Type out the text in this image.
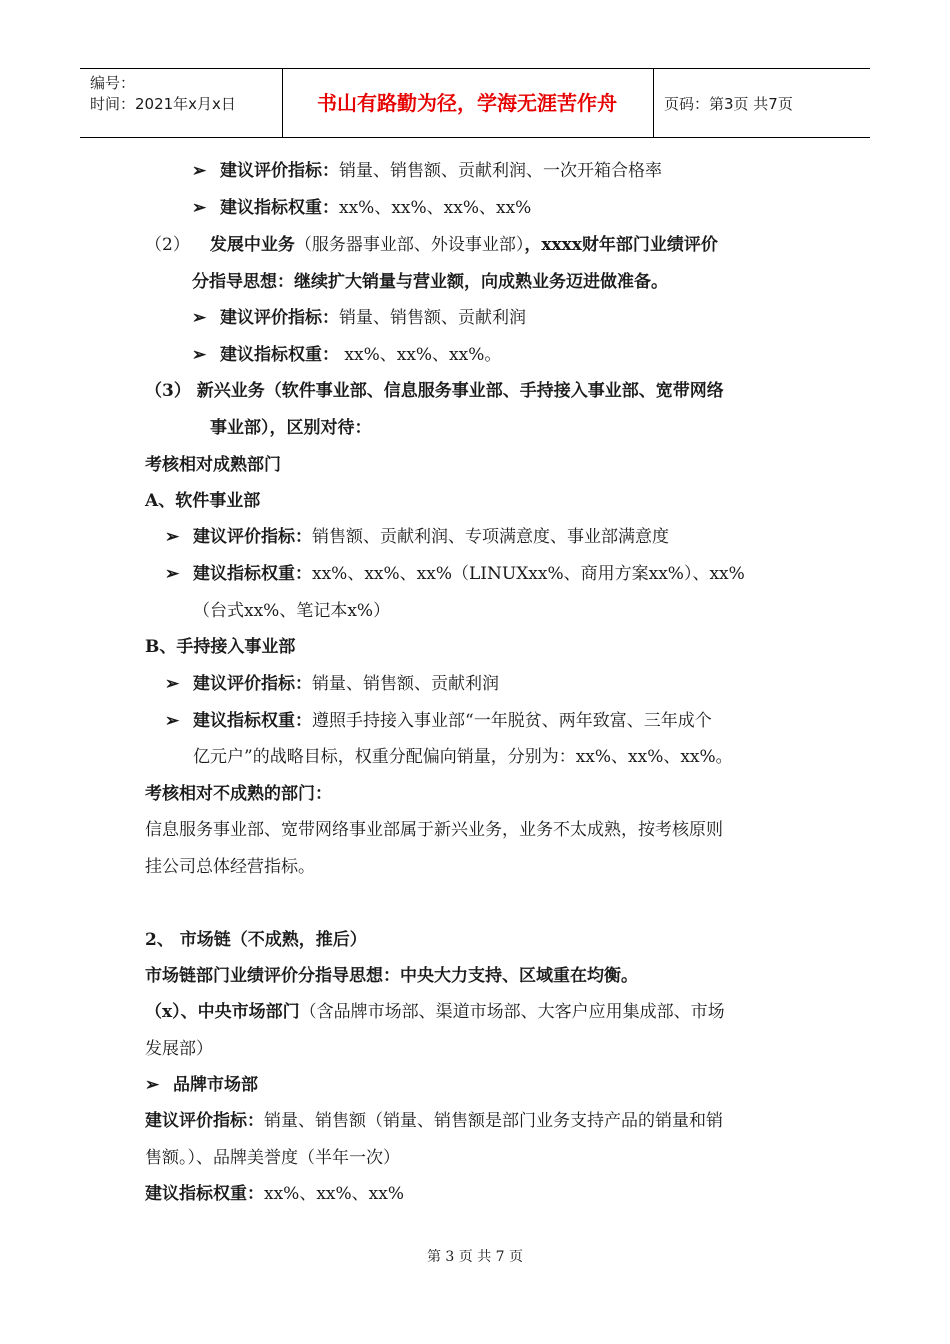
编号：
时间：2021年x月x日	书山有路勤为径，学海无涯苦作舟	页码：第3页 共7页
➢ 建议评价指标：销量、销售额、贡献利润、一次开箱合格率
➢ 建议指标权重：xx%、xx%、xx%、xx%
（2） 发展中业务（服务器事业部、外设事业部），xxxx财年部门业绩评价
分指导思想：继续扩大销量与营业额，向成熟业务迈进做准备。
➢ 建议评价指标：销量、销售额、贡献利润
➢ 建议指标权重： xx%、xx%、xx%。
（3） 新兴业务（软件事业部、信息服务事业部、手持接入事业部、宽带网络
事业部），区别对待：
考核相对成熟部门
A、软件事业部
➢ 建议评价指标：销售额、贡献利润、专项满意度、事业部满意度
➢ 建议指标权重：xx%、xx%、xx%（LINUXxx%、商用方案xx%）、xx%
（台式xx%、笔记本x%）
B、手持接入事业部
➢ 建议评价指标：销量、销售额、贡献利润
➢ 建议指标权重：遵照手持接入事业部“一年脱贫、两年致富、三年成个
亿元户”的战略目标，权重分配偏向销量，分别为：xx%、xx%、xx%。
考核相对不成熟的部门：
信息服务事业部、宽带网络事业部属于新兴业务，业务不太成熟，按考核原则
挂公司总体经营指标。
2、 市场链（不成熟，推后）
市场链部门业绩评价分指导思想：中央大力支持、区域重在均衡。
（x）、中央市场部门（含品牌市场部、渠道市场部、大客户应用集成部、市场
发展部）
➢ 品牌市场部
建议评价指标：销量、销售额（销量、销售额是部门业务支持产品的销量和销
售额。）、品牌美誉度（半年一次）
建议指标权重：xx%、xx%、xx%
第 3 页 共 7 页
